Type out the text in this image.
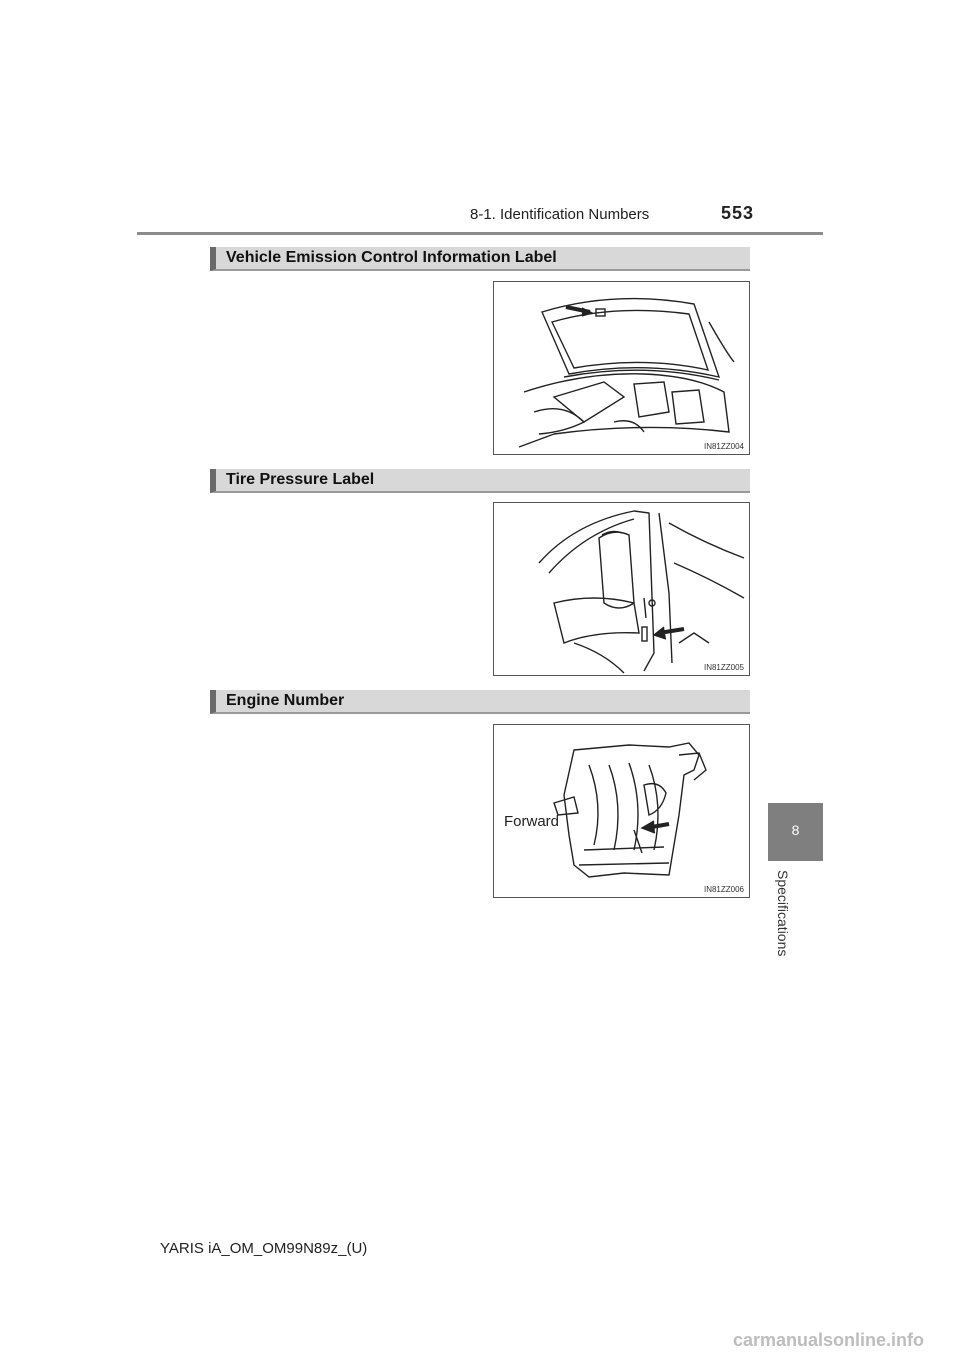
8-1. Identification Numbers	553
Vehicle Emission Control Information Label
IN81ZZ004
Tire Pressure Label
IN81ZZ005
Engine Number
Forward
IN81ZZ006
8
Specifications
YARIS iA_OM_OM99N89z_(U)
carmanualsonline.info
